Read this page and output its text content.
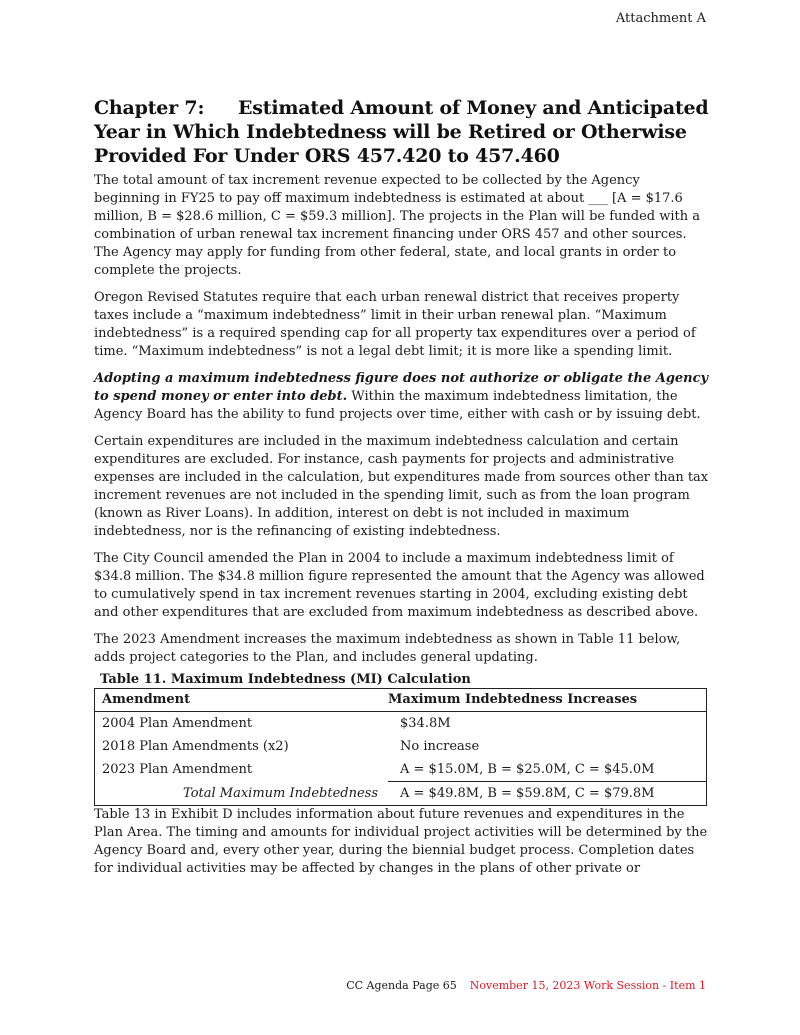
Attachment A
Chapter 7: Estimated Amount of Money and Anticipated Year in Which Indebtedness will be Retired or Otherwise Provided For Under ORS 457.420 to 457.460

The total amount of tax increment revenue expected to be collected by the Agency beginning in FY25 to pay off maximum indebtedness is estimated at about ___ [A = $17.6 million, B = $28.6 million, C = $59.3 million]. The projects in the Plan will be funded with a combination of urban renewal tax increment financing under ORS 457 and other sources. The Agency may apply for funding from other federal, state, and local grants in order to complete the projects.

Oregon Revised Statutes require that each urban renewal district that receives property taxes include a “maximum indebtedness” limit in their urban renewal plan. “Maximum indebtedness” is a required spending cap for all property tax expenditures over a period of time. “Maximum indebtedness” is not a legal debt limit; it is more like a spending limit.

Adopting a maximum indebtedness figure does not authorize or obligate the Agency to spend money or enter into debt. Within the maximum indebtedness limitation, the Agency Board has the ability to fund projects over time, either with cash or by issuing debt.

Certain expenditures are included in the maximum indebtedness calculation and certain expenditures are excluded. For instance, cash payments for projects and administrative expenses are included in the calculation, but expenditures made from sources other than tax increment revenues are not included in the spending limit, such as from the loan program (known as River Loans). In addition, interest on debt is not included in maximum indebtedness, nor is the refinancing of existing indebtedness.

The City Council amended the Plan in 2004 to include a maximum indebtedness limit of $34.8 million. The $34.8 million figure represented the amount that the Agency was allowed to cumulatively spend in tax increment revenues starting in 2004, excluding existing debt and other expenditures that are excluded from maximum indebtedness as described above.

The 2023 Amendment increases the maximum indebtedness as shown in Table 11 below, adds project categories to the Plan, and includes general updating.

Table 11. Maximum Indebtedness (MI) Calculation
Amendment	Maximum Indebtedness Increases
2004 Plan Amendment	$34.8M
2018 Plan Amendments (x2)	No increase
2023 Plan Amendment	A = $15.0M, B = $25.0M, C = $45.0M
Total Maximum Indebtedness	A = $49.8M, B = $59.8M, C = $79.8M

Table 13 in Exhibit D includes information about future revenues and expenditures in the Plan Area. The timing and amounts for individual project activities will be determined by the Agency Board and, every other year, during the biennial budget process. Completion dates for individual activities may be affected by changes in the plans of other private or

CC Agenda Page 65 November 15, 2023 Work Session - Item 1
